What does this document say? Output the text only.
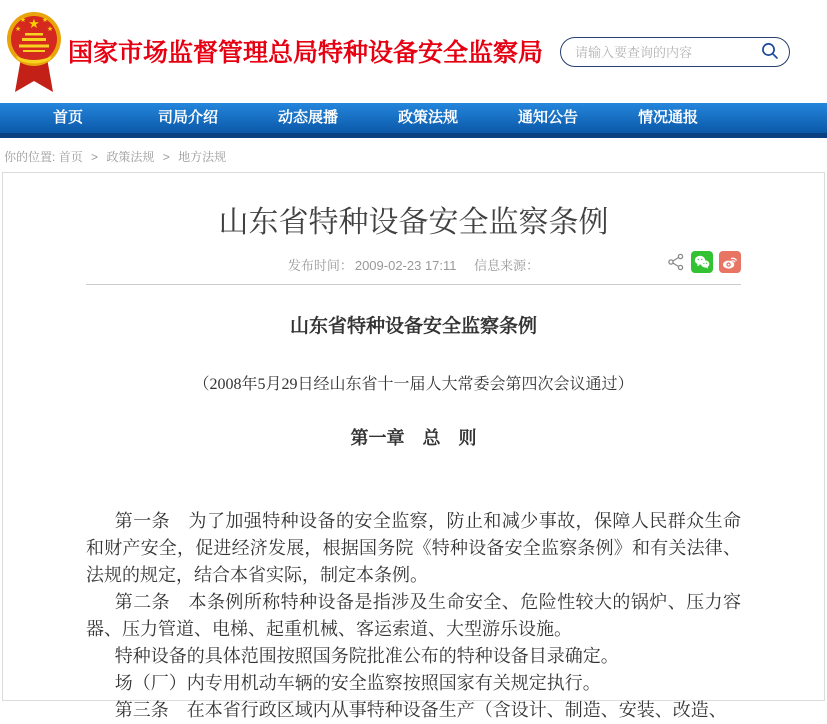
★
★ ★
★	★
国家市场监督管理总局特种设备安全监察局
请输入要查询的内容
首页	司局介绍	动态展播	政策法规	通知公告	情况通报
你的位置: 首页 > 政策法规 > 地方法规
山东省特种设备安全监察条例
发布时间： 2009-02-23 17:11 信息来源：
山东省特种设备安全监察条例

（2008年5月29日经山东省十一届人大常委会第四次会议通过）

第一章　总　则

第一条　为了加强特种设备的安全监察，防止和减少事故，保障人民群众生命和财产安全，促进经济发展，根据国务院《特种设备安全监察条例》和有关法律、法规的规定，结合本省实际，制定本条例。

第二条　本条例所称特种设备是指涉及生命安全、危险性较大的锅炉、压力容器、压力管道、电梯、起重机械、客运索道、大型游乐设施。

特种设备的具体范围按照国务院批准公布的特种设备目录确定。

场（厂）内专用机动车辆的安全监察按照国家有关规定执行。

第三条　在本省行政区域内从事特种设备生产（含设计、制造、安装、改造、
